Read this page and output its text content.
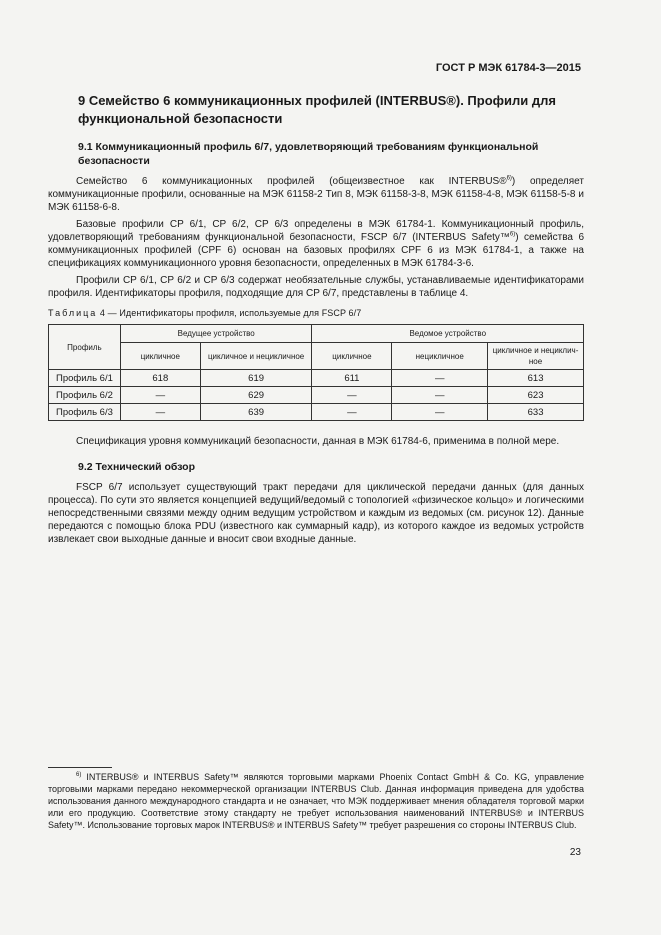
ГОСТ Р МЭК 61784-3—2015
9 Семейство 6 коммуникационных профилей (INTERBUS®). Профили для функциональной безопасности
9.1 Коммуникационный профиль 6/7, удовлетворяющий требованиям функциональной безопасности

Семейство 6 коммуникационных профилей (общеизвестное как INTERBUS®$^{6)}$) определяет коммуникационные профили, основанные на МЭК 61158-2 Тип 8, МЭК 61158-3-8, МЭК 61158-4-8, МЭК 61158-5-8 и МЭК 61158-6-8.

Базовые профили CP 6/1, CP 6/2, CP 6/3 определены в МЭК 61784-1. Коммуникационный профиль, удовлетворяющий требованиям функциональной безопасности, FSCP 6/7 (INTERBUS Safety™$^{6)}$) семейства 6 коммуникационных профилей (CPF 6) основан на базовых профилях CPF 6 из МЭК 61784-1, а также на спецификациях коммуникационного уровня безопасности, определенных в МЭК 61784-3-6.

Профили CP 6/1, CP 6/2 и CP 6/3 содержат необязательные службы, устанавливаемые идентификаторами профиля. Идентификаторы профиля, подходящие для CP 6/7, представлены в таблице 4.

Таблица 4 — Идентификаторы профиля, используемые для FSCP 6/7
Профиль	Ведущее устройство		Ведомое устройство		
	цикличное	цикличное и нецикличное	цикличное	нецикличное	цикличное и нецикличное
Профиль 6/1	618	619	611	—	613
Профиль 6/2	—	629	—	—	623
Профиль 6/3	—	639	—	—	633

Спецификация уровня коммуникаций безопасности, данная в МЭК 61784-6, применима в полной мере.

9.2 Технический обзор

FSCP 6/7 использует существующий тракт передачи для циклической передачи данных (для данных процесса). По сути это является концепцией ведущий/ведомый с топологией «физическое кольцо» и логическими непосредственными связями между одним ведущим устройством и каждым из ведомых (см. рисунок 12). Данные передаются с помощью блока PDU (известного как суммарный кадр), из которого каждое из ведомых устройств извлекает свои выходные данные и вносит свои входные данные.

$^{6)}$ INTERBUS® и INTERBUS Safety™ являются торговыми марками Phoenix Contact GmbH & Co. KG, управление торговыми марками передано некоммерческой организации INTERBUS Club. Данная информация приведена для удобства использования данного международного стандарта и не означает, что МЭК поддерживает мнения обладателя торговой марки или его продукцию. Соответствие этому стандарту не требует использования наименований INTERBUS® и INTERBUS Safety™. Использование торговых марок INTERBUS® и INTERBUS Safety™ требует разрешения со стороны INTERBUS Club.
23
